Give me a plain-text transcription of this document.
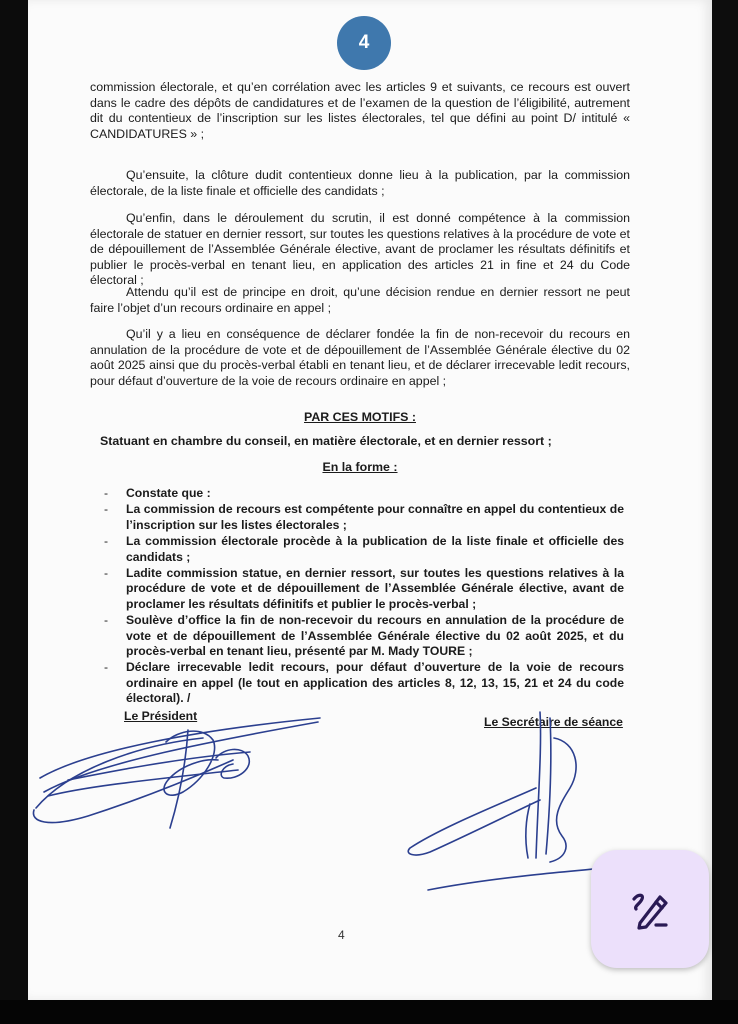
4

commission électorale, et qu’en corrélation avec les articles 9 et suivants, ce recours est ouvert dans le cadre des dépôts de candidatures et de l’examen de la question de l’éligibilité, autrement dit du contentieux de l’inscription sur les listes électorales, tel que défini au point D/ intitulé « CANDIDATURES » ;

Qu’ensuite, la clôture dudit contentieux donne lieu à la publication, par la commission électorale, de la liste finale et officielle des candidats ;

Qu’enfin, dans le déroulement du scrutin, il est donné compétence à la commission électorale de statuer en dernier ressort, sur toutes les questions relatives à la procédure de vote et de dépouillement de l’Assemblée Générale élective, avant de proclamer les résultats définitifs et publier le procès-verbal en tenant lieu, en application des articles 21 in fine et 24 du Code électoral ;

Attendu qu’il est de principe en droit, qu’une décision rendue en dernier ressort ne peut faire l’objet d’un recours ordinaire en appel ;

Qu’il y a lieu en conséquence de déclarer fondée la fin de non-recevoir du recours en annulation de la procédure de vote et de dépouillement de l’Assemblée Générale élective du 02 août 2025 ainsi que du procès-verbal établi en tenant lieu, et de déclarer irrecevable ledit recours, pour défaut d’ouverture de la voie de recours ordinaire en appel ;

PAR CES MOTIFS :
Statuant en chambre du conseil, en matière électorale, et en dernier ressort ;
En la forme :
- Constate que :
- La commission de recours est compétente pour connaître en appel du contentieux de l’inscription sur les listes électorales ;
- La commission électorale procède à la publication de la liste finale et officielle des candidats ;
- Ladite commission statue, en dernier ressort, sur toutes les questions relatives à la procédure de vote et de dépouillement de l’Assemblée Générale élective, avant de proclamer les résultats définitifs et publier le procès-verbal ;
- Soulève d’office la fin de non-recevoir du recours en annulation de la procédure de vote et de dépouillement de l’Assemblée Générale élective du 02 août 2025, et du procès-verbal en tenant lieu, présenté par M. Mady TOURE ;
- Déclare irrecevable ledit recours, pour défaut d’ouverture de la voie de recours ordinaire en appel (le tout en application des articles 8, 12, 13, 15, 21 et 24 du code électoral). /
Le Président	Le Secrétaire de séance
4
